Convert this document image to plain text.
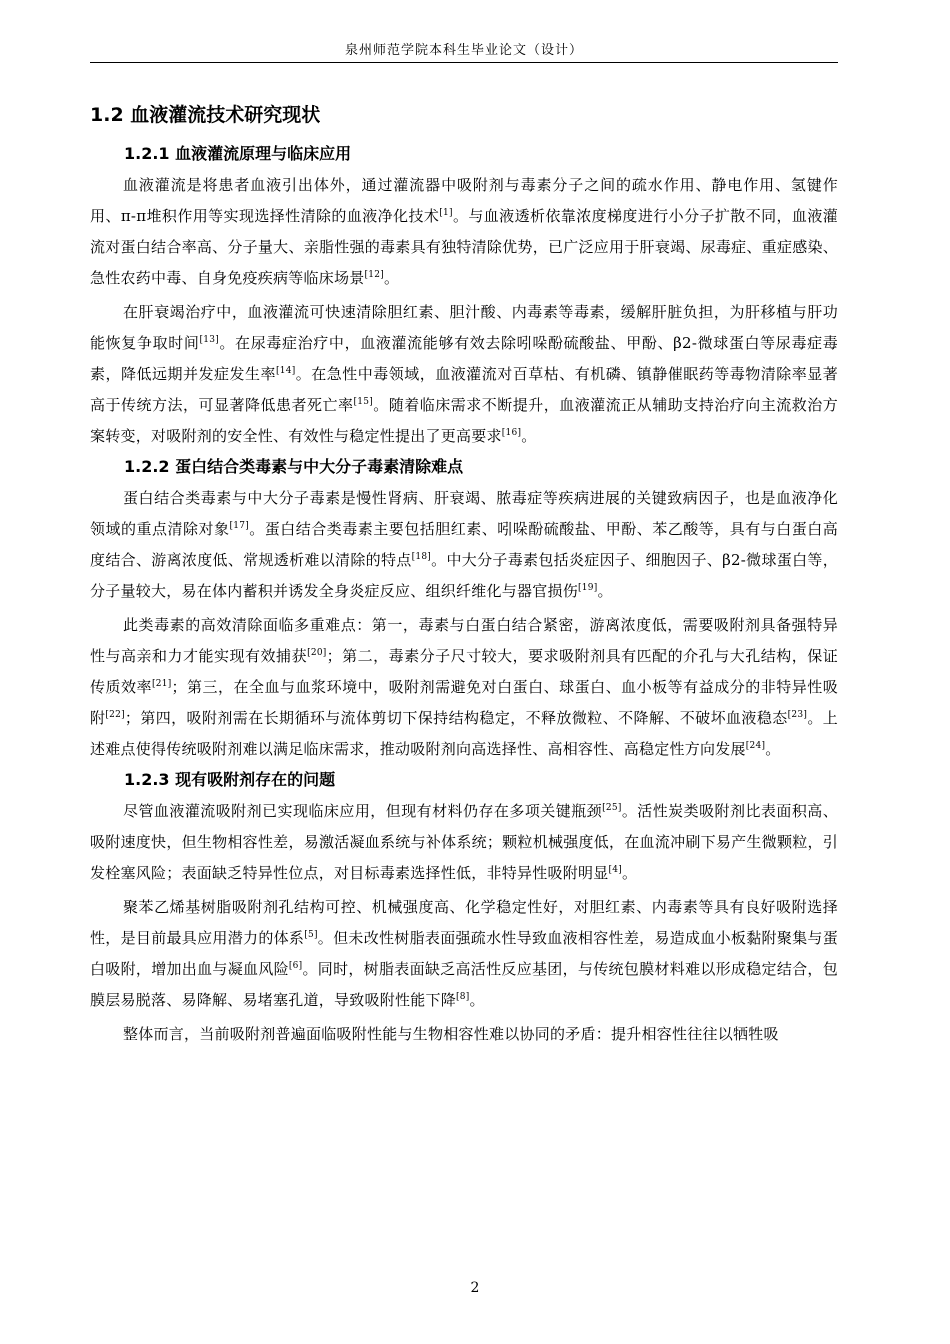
泉州师范学院本科生毕业论文（设计）
1.2 血液灌流技术研究现状
1.2.1 血液灌流原理与临床应用
血液灌流是将患者血液引出体外，通过灌流器中吸附剂与毒素分子之间的疏水作用、静电作用、氢键作用、π-π堆积作用等实现选择性清除的血液净化技术[1]。与血液透析依靠浓度梯度进行小分子扩散不同，血液灌流对蛋白结合率高、分子量大、亲脂性强的毒素具有独特清除优势，已广泛应用于肝衰竭、尿毒症、重症感染、急性农药中毒、自身免疫疾病等临床场景[12]。
在肝衰竭治疗中，血液灌流可快速清除胆红素、胆汁酸、内毒素等毒素，缓解肝脏负担，为肝移植与肝功能恢复争取时间[13]。在尿毒症治疗中，血液灌流能够有效去除吲哚酚硫酸盐、甲酚、β2-微球蛋白等尿毒症毒素，降低远期并发症发生率[14]。在急性中毒领域，血液灌流对百草枯、有机磷、镇静催眠药等毒物清除率显著高于传统方法，可显著降低患者死亡率[15]。随着临床需求不断提升，血液灌流正从辅助支持治疗向主流救治方案转变，对吸附剂的安全性、有效性与稳定性提出了更高要求[16]。
1.2.2 蛋白结合类毒素与中大分子毒素清除难点
蛋白结合类毒素与中大分子毒素是慢性肾病、肝衰竭、脓毒症等疾病进展的关键致病因子，也是血液净化领域的重点清除对象[17]。蛋白结合类毒素主要包括胆红素、吲哚酚硫酸盐、甲酚、苯乙酸等，具有与白蛋白高度结合、游离浓度低、常规透析难以清除的特点[18]。中大分子毒素包括炎症因子、细胞因子、β2-微球蛋白等，分子量较大，易在体内蓄积并诱发全身炎症反应、组织纤维化与器官损伤[19]。
此类毒素的高效清除面临多重难点：第一，毒素与白蛋白结合紧密，游离浓度低，需要吸附剂具备强特异性与高亲和力才能实现有效捕获[20]；第二，毒素分子尺寸较大，要求吸附剂具有匹配的介孔与大孔结构，保证传质效率[21]；第三，在全血与血浆环境中，吸附剂需避免对白蛋白、球蛋白、血小板等有益成分的非特异性吸附[22]；第四，吸附剂需在长期循环与流体剪切下保持结构稳定，不释放微粒、不降解、不破坏血液稳态[23]。上述难点使得传统吸附剂难以满足临床需求，推动吸附剂向高选择性、高相容性、高稳定性方向发展[24]。
1.2.3 现有吸附剂存在的问题
尽管血液灌流吸附剂已实现临床应用，但现有材料仍存在多项关键瓶颈[25]。活性炭类吸附剂比表面积高、吸附速度快，但生物相容性差，易激活凝血系统与补体系统；颗粒机械强度低，在血流冲刷下易产生微颗粒，引发栓塞风险；表面缺乏特异性位点，对目标毒素选择性低，非特异性吸附明显[4]。
聚苯乙烯基树脂吸附剂孔结构可控、机械强度高、化学稳定性好，对胆红素、内毒素等具有良好吸附选择性，是目前最具应用潜力的体系[5]。但未改性树脂表面强疏水性导致血液相容性差，易造成血小板黏附聚集与蛋白吸附，增加出血与凝血风险[6]。同时，树脂表面缺乏高活性反应基团，与传统包膜材料难以形成稳定结合，包膜层易脱落、易降解、易堵塞孔道，导致吸附性能下降[8]。
整体而言，当前吸附剂普遍面临吸附性能与生物相容性难以协同的矛盾：提升相容性往往以牺牲吸
2
